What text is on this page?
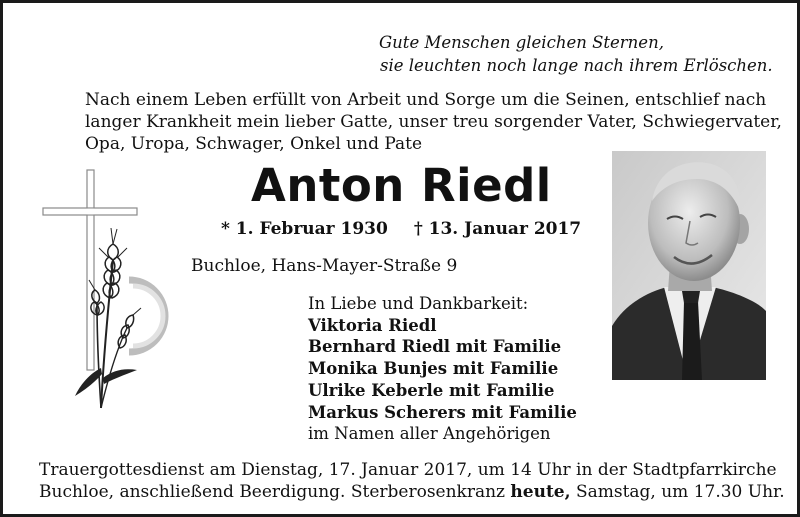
Gute Menschen gleichen Sternen,
sie leuchten noch lange nach ihrem Erlöschen.
Nach einem Leben erfüllt von Arbeit und Sorge um die Seinen, entschlief nach
langer Krankheit mein lieber Gatte, unser treu sorgender Vater, Schwiegervater,
Opa, Uropa, Schwager, Onkel und Pate
Anton Riedl
* 1. Februar 1930 † 13. Januar 2017
Buchloe, Hans-Mayer-Straße 9
In Liebe und Dankbarkeit:
Viktoria Riedl
Bernhard Riedl mit Familie
Monika Bunjes mit Familie
Ulrike Keberle mit Familie
Markus Scherers mit Familie
im Namen aller Angehörigen
Trauergottesdienst am Dienstag, 17. Januar 2017, um 14 Uhr in der Stadtpfarrkirche
Buchloe, anschließend Beerdigung. Sterberosenkranz heute, Samstag, um 17.30 Uhr.
